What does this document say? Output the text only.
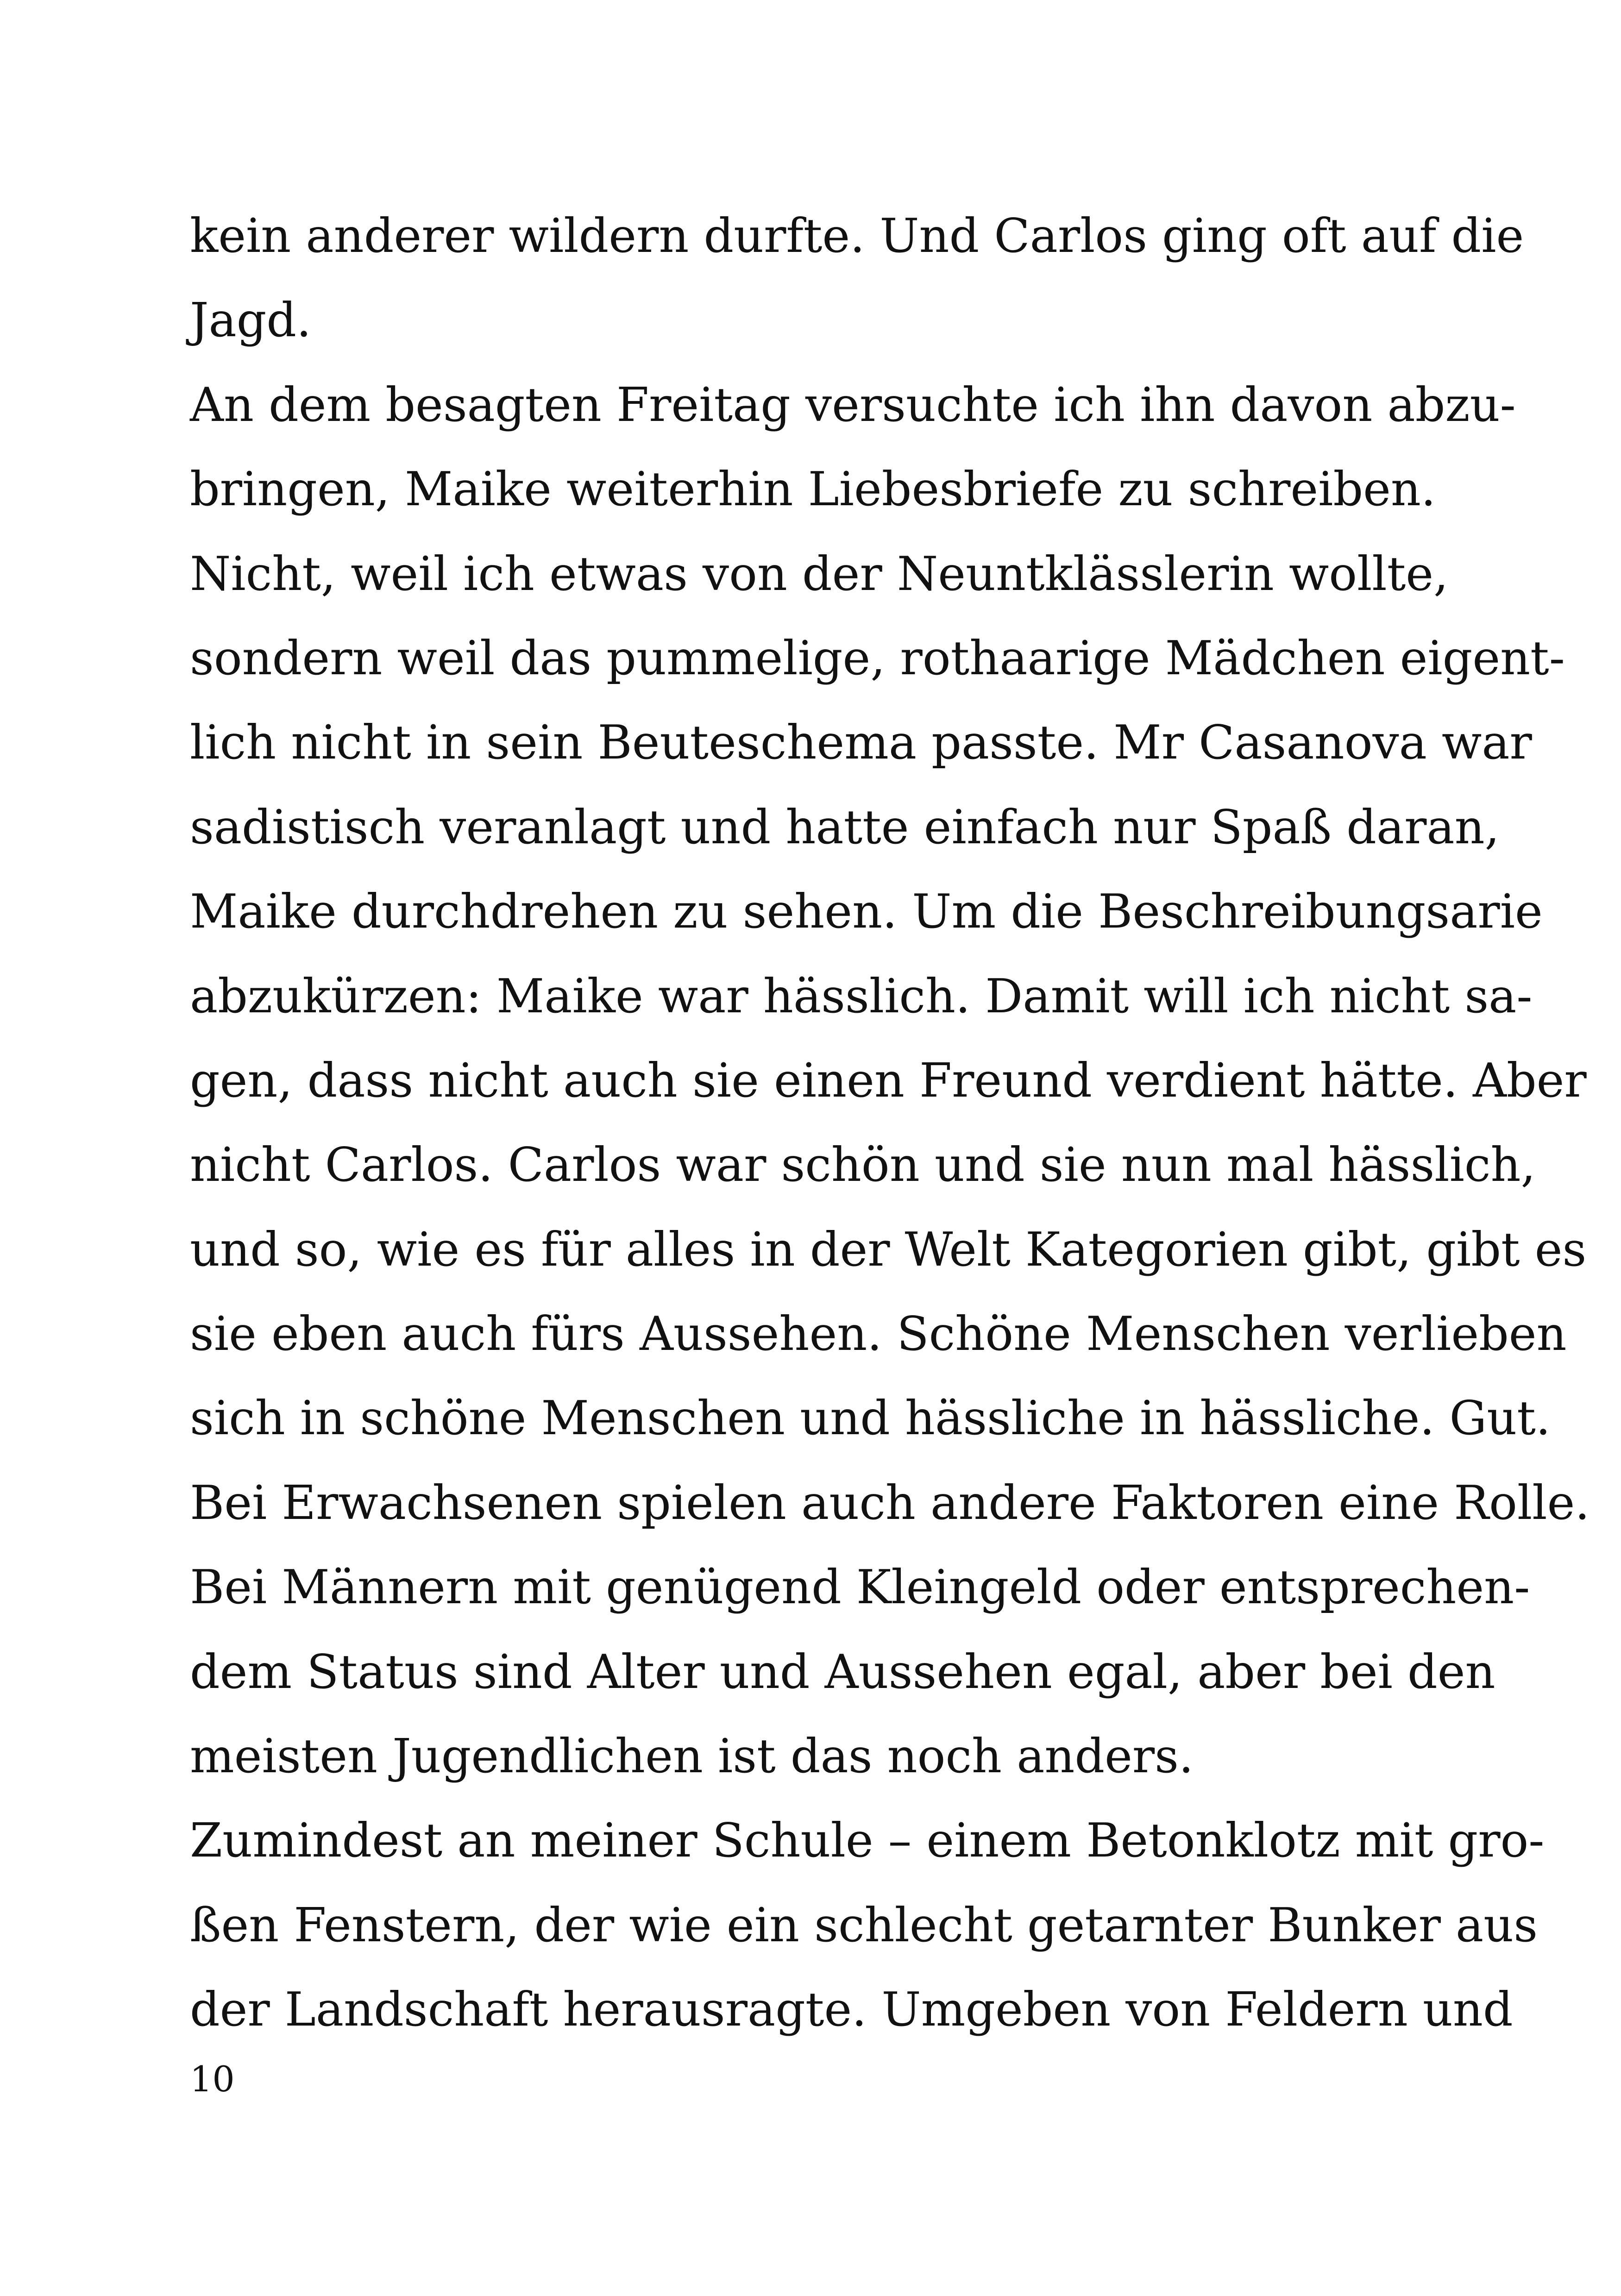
kein anderer wildern durfte. Und Carlos ging oft auf die
Jagd.
An dem besagten Freitag versuchte ich ihn davon abzu-
bringen, Maike weiterhin Liebesbriefe zu schreiben.
Nicht, weil ich etwas von der Neuntklässlerin wollte,
sondern weil das pummelige, rothaarige Mädchen eigent-
lich nicht in sein Beuteschema passte. Mr Casanova war
sadistisch veranlagt und hatte einfach nur Spaß daran,
Maike durchdrehen zu sehen. Um die Beschreibungsarie
abzukürzen: Maike war hässlich. Damit will ich nicht sa-
gen, dass nicht auch sie einen Freund verdient hätte. Aber
nicht Carlos. Carlos war schön und sie nun mal hässlich,
und so, wie es für alles in der Welt Kategorien gibt, gibt es
sie eben auch fürs Aussehen. Schöne Menschen verlieben
sich in schöne Menschen und hässliche in hässliche. Gut.
Bei Erwachsenen spielen auch andere Faktoren eine Rolle.
Bei Männern mit genügend Kleingeld oder entsprechen-
dem Status sind Alter und Aussehen egal, aber bei den
meisten Jugendlichen ist das noch anders.
Zumindest an meiner Schule – einem Betonklotz mit gro-
ßen Fenstern, der wie ein schlecht getarnter Bunker aus
der Landschaft herausragte. Umgeben von Feldern und
10
